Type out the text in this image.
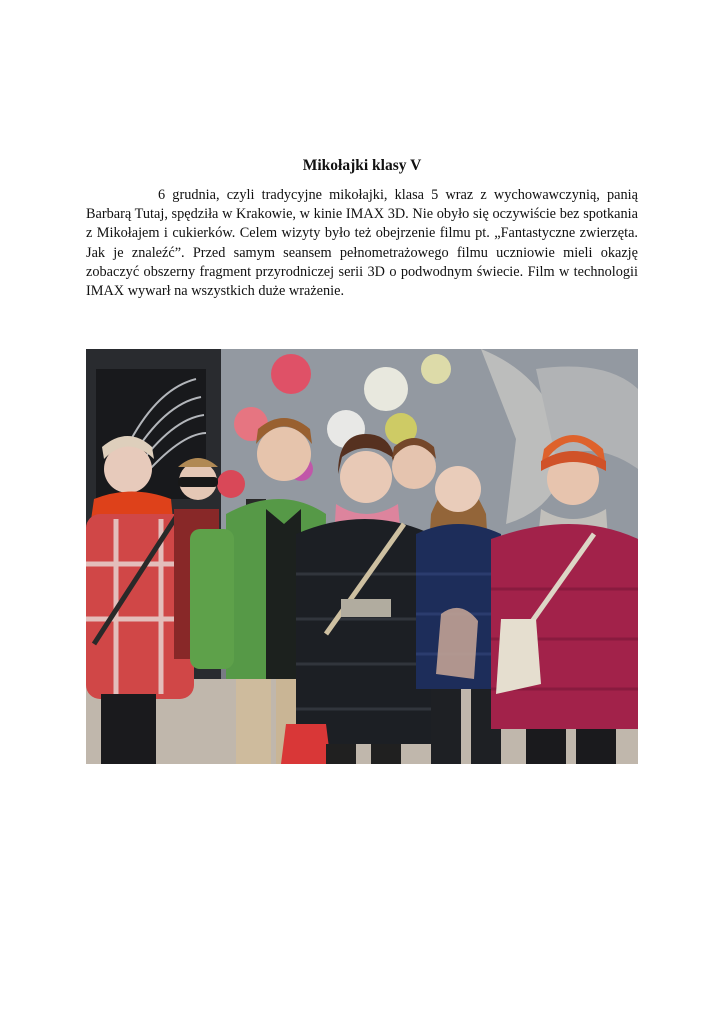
Mikołajki klasy V

6 grudnia, czyli tradycyjne mikołajki, klasa 5 wraz z wychowawczynią, panią Barbarą Tutaj, spędziła w Krakowie, w kinie IMAX 3D. Nie obyło się oczywiście bez spotkania z Mikołajem i cukierków. Celem wizyty było też obejrzenie filmu pt. „Fantastyczne zwierzęta. Jak je znaleźć”. Przed samym seansem pełnometrażowego filmu uczniowie mieli okazję zobaczyć obszerny fragment przyrodniczej serii 3D o podwodnym świecie. Film w technologii IMAX wywarł na wszystkich duże wrażenie.
